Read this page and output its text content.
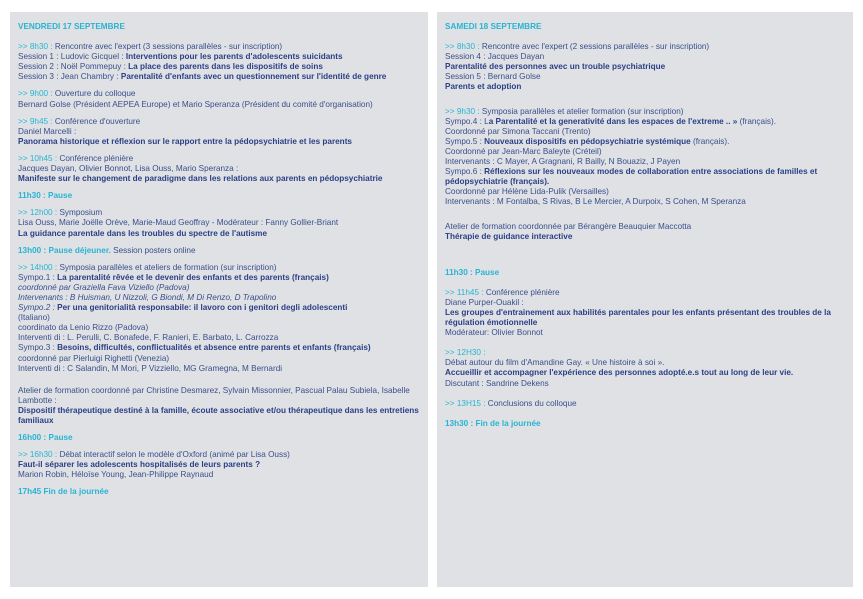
VENDREDI 17 SEPTEMBRE
>> 8h30 : Rencontre avec l'expert (3 sessions parallèles - sur inscription)
Session 1 : Ludovic Gicquel : Interventions pour les parents d'adolescents suicidants
Session 2 : Noël Pommepuy : La place des parents dans les dispositifs de soins
Session 3 : Jean Chambry : Parentalité d'enfants avec un questionnement sur l'identité de genre
>> 9h00 : Ouverture du colloque
Bernard Golse (Président AEPEA Europe) et Mario Speranza (Président du comité d'organisation)
>> 9h45 : Conférence d'ouverture
Daniel Marcelli :
Panorama historique et réflexion sur le rapport entre la pédopsychiatrie et les parents
>> 10h45 : Conférence plénière
Jacques Dayan, Olivier Bonnot, Lisa Ouss, Mario Speranza :
Manifeste sur le changement de paradigme dans les relations aux parents en pédopsychiatrie
11h30 : Pause
>> 12h00 : Symposium
Lisa Ouss, Marie Joëlle Orève, Marie-Maud Geoffray - Modérateur : Fanny Gollier-Briant
La guidance parentale dans les troubles du spectre de l'autisme
13h00 : Pause déjeuner. Session posters online
>> 14h00 : Symposia parallèles et ateliers de formation (sur inscription)
Sympo.1 : La parentalité rêvée et le devenir des enfants et des parents (français)
coordonné par Graziella Fava Viziello (Padova)
Intervenants : B Huisman, U Nizzoli, G Biondi, M Di Renzo, D Trapolino
Sympo.2 : Per una genitorialità responsabile: il lavoro con i genitori degli adolescenti
(Italiano)
coordinato da Lenio Rizzo (Padova)
Interventi di : L. Perulli, C. Bonafede, F. Ranieri, E. Barbato, L. Carrozza
Sympo.3 : Besoins, difficultés, conflictualités et absence entre parents et enfants (français)
coordonné par Pierluigi Righetti (Venezia)
Interventi di : C Salandin, M Mori, P Vizziello, MG Gramegna, M Bernardi
Atelier de formation coordonné par Christine Desmarez, Sylvain Missonnier, Pascual Palau Subiela, Isabelle Lambotte :
Dispositif thérapeutique destiné à la famille, écoute associative et/ou thérapeutique dans les entretiens familiaux
16h00 : Pause
>> 16h30 : Débat interactif selon le modèle d'Oxford (animé par Lisa Ouss)
Faut-il séparer les adolescents hospitalisés de leurs parents ?
Marion Robin, Héloïse Young, Jean-Philippe Raynaud
17h45 Fin de la journée
SAMEDI 18 SEPTEMBRE
>> 8h30 : Rencontre avec l'expert (2 sessions parallèles - sur inscription)
Session 4 : Jacques Dayan
Parentalité des personnes avec un trouble psychiatrique
Session 5 : Bernard Golse
Parents et adoption
>> 9h30 : Symposia parallèles et atelier formation (sur inscription)
Sympo.4 : La Parentalité et la generativité dans les espaces de l'extreme .. » (français).
Coordonné par Simona Taccani (Trento)
Sympo.5 : Nouveaux dispositifs en pédopsychiatrie systémique (français).
Coordonné par Jean-Marc Baleyte (Créteil)
Intervenants : C Mayer, A Gragnani, R Bailly, N Bouaziz, J Payen
Sympo.6 : Réflexions sur les nouveaux modes de collaboration entre associations de familles et pédopsychiatrie (français).
Coordonné par Hélène Lida-Pulik (Versailles)
Intervenants : M Fontalba, S Rivas, B Le Mercier, A Durpoix, S Cohen, M Speranza
Atelier de formation coordonnée par Bérangère Beauquier Maccotta
Thérapie de guidance interactive
11h30 : Pause
>> 11h45 : Conférence plénière
Diane Purper-Ouakil :
Les groupes d'entrainement aux habilités parentales pour les enfants présentant des troubles de la régulation émotionnelle
Modérateur: Olivier Bonnot
>> 12H30 :
Débat autour du film d'Amandine Gay. « Une histoire à soi ».
Accueillir et accompagner l'expérience des personnes adopté.e.s tout au long de leur vie.
Discutant : Sandrine Dekens
>> 13H15 : Conclusions du colloque
13h30 : Fin de la journée
